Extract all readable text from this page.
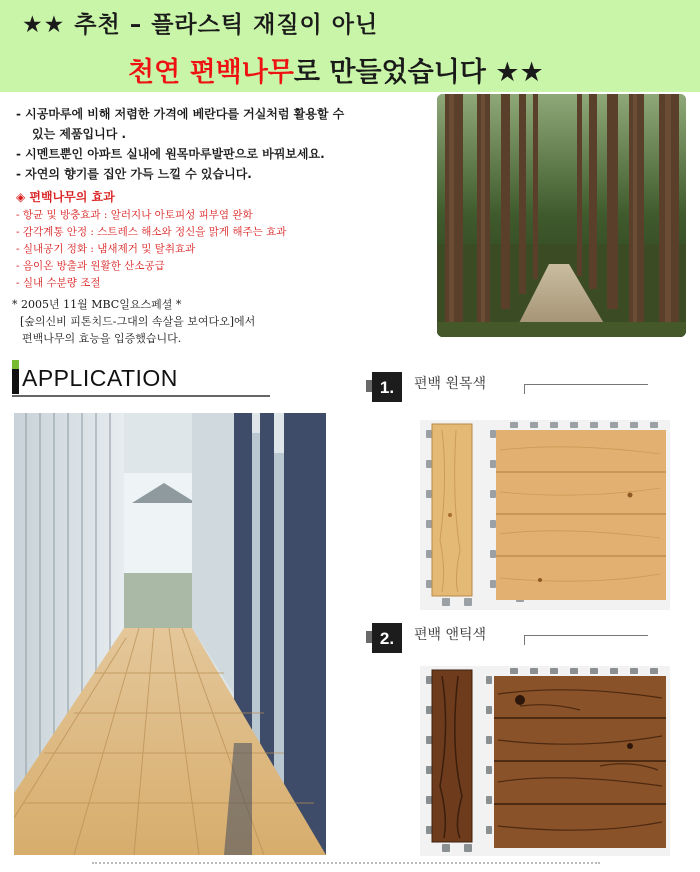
★★ 추천 – 플라스틱 재질이 아닌
천연 편백나무로 만들었습니다 ★★
- 시공마루에 비해 저렴한 가격에 베란다를 거실처럼 활용할 수
있는 제품입니다 .
- 시멘트뿐인 아파트 실내에 원목마루발판으로 바꿔보세요.
- 자연의 향기를 집안 가득 느낄 수 있습니다.
◈ 편백나무의 효과
- 항균 및 방충효과 : 알러지나 아토피성 피부염 완화
- 감각계통 안정 : 스트레스 해소와 정신을 맑게 해주는 효과
- 실내공기 정화 : 냄새제거 및 탈취효과
- 음이온 방출과 원활한 산소공급
- 실내 수분량 조절
* 2005년 11월 MBC일요스페셜 *
[숲의신비 피톤치드-그대의 속살을 보여다오]에서
편백나무의 효능을 입증했습니다.
APPLICATION	1.	편백 원목색
2.	편백 앤틱색
